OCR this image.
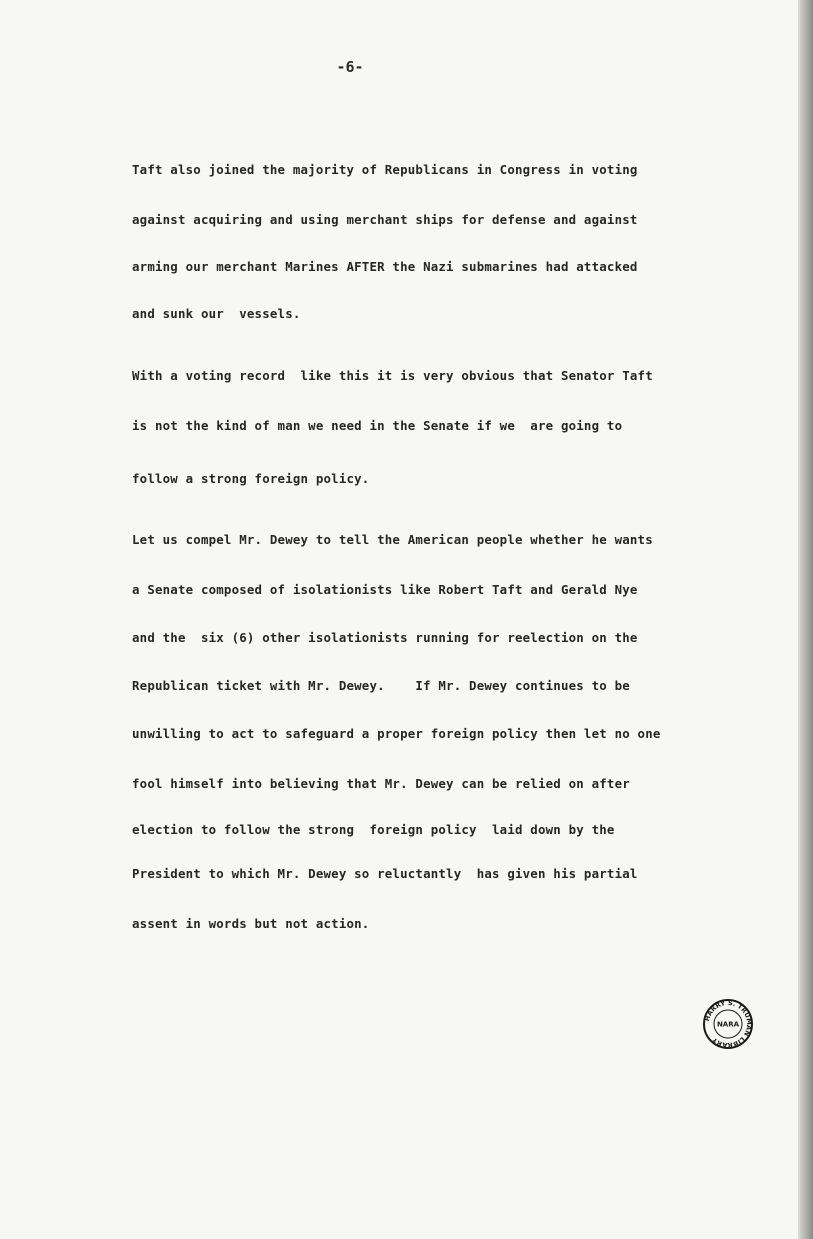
-6-
Taft also joined the majority of Republicans in Congress in voting
against acquiring and using merchant ships for defense and against
arming our merchant Marines AFTER the Nazi submarines had attacked
and sunk our  vessels.
With a voting record  like this it is very obvious that Senator Taft
is not the kind of man we need in the Senate if we  are going to
follow a strong foreign policy.
Let us compel Mr. Dewey to tell the American people whether he wants
a Senate composed of isolationists like Robert Taft and Gerald Nye
and the  six (6) other isolationists running for reelection on the
Republican ticket with Mr. Dewey.    If Mr. Dewey continues to be
unwilling to act to safeguard a proper foreign policy then let no one
fool himself into believing that Mr. Dewey can be relied on after
election to follow the strong  foreign policy  laid down by the
President to which Mr. Dewey so reluctantly  has given his partial
assent in words but not action.
HARRY S. TRUMAN LIBRARY
NARA
